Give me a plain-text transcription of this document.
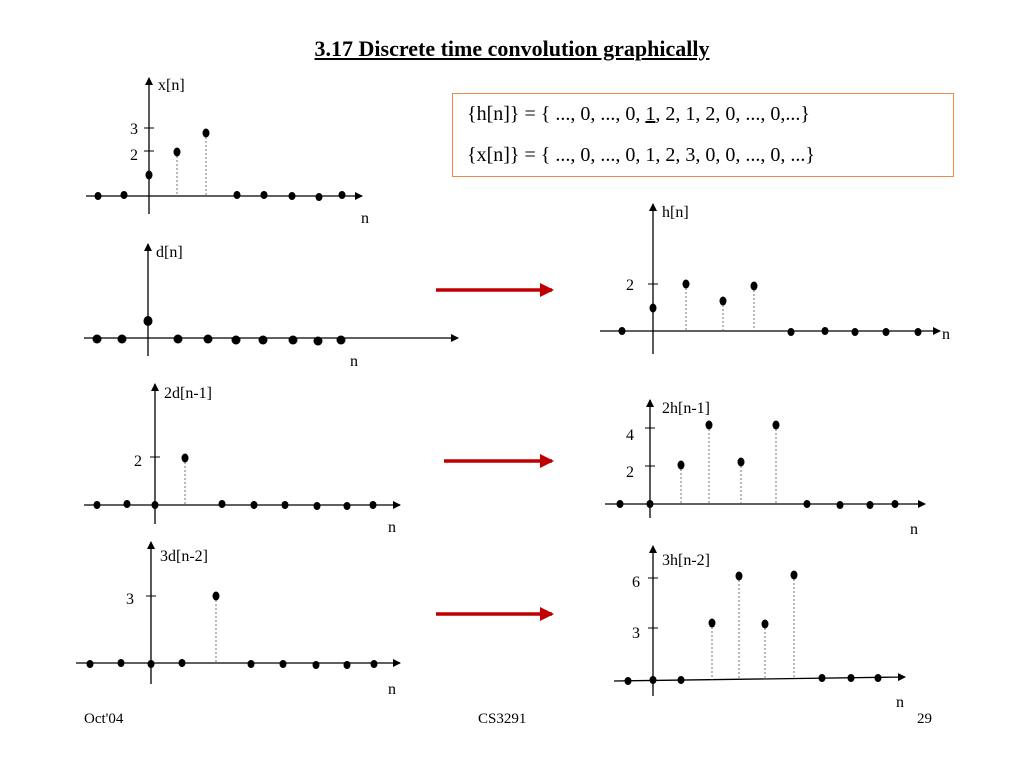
3.17 Discrete time convolution graphically
{h[n]} = { ..., 0, ..., 0, 1, 2, 1, 2, 0, ..., 0,...}
{x[n]} = { ..., 0, ..., 0, 1, 2, 3, 0, 0, ..., 0, ...}
x[n]
3
2
n
d[n]
n
2d[n-1]
2
n
3d[n-2]
3
n
h[n]
2
n
2h[n-1]
4
2
n
3h[n-2]
6
3
n
Oct'04	CS3291	29
